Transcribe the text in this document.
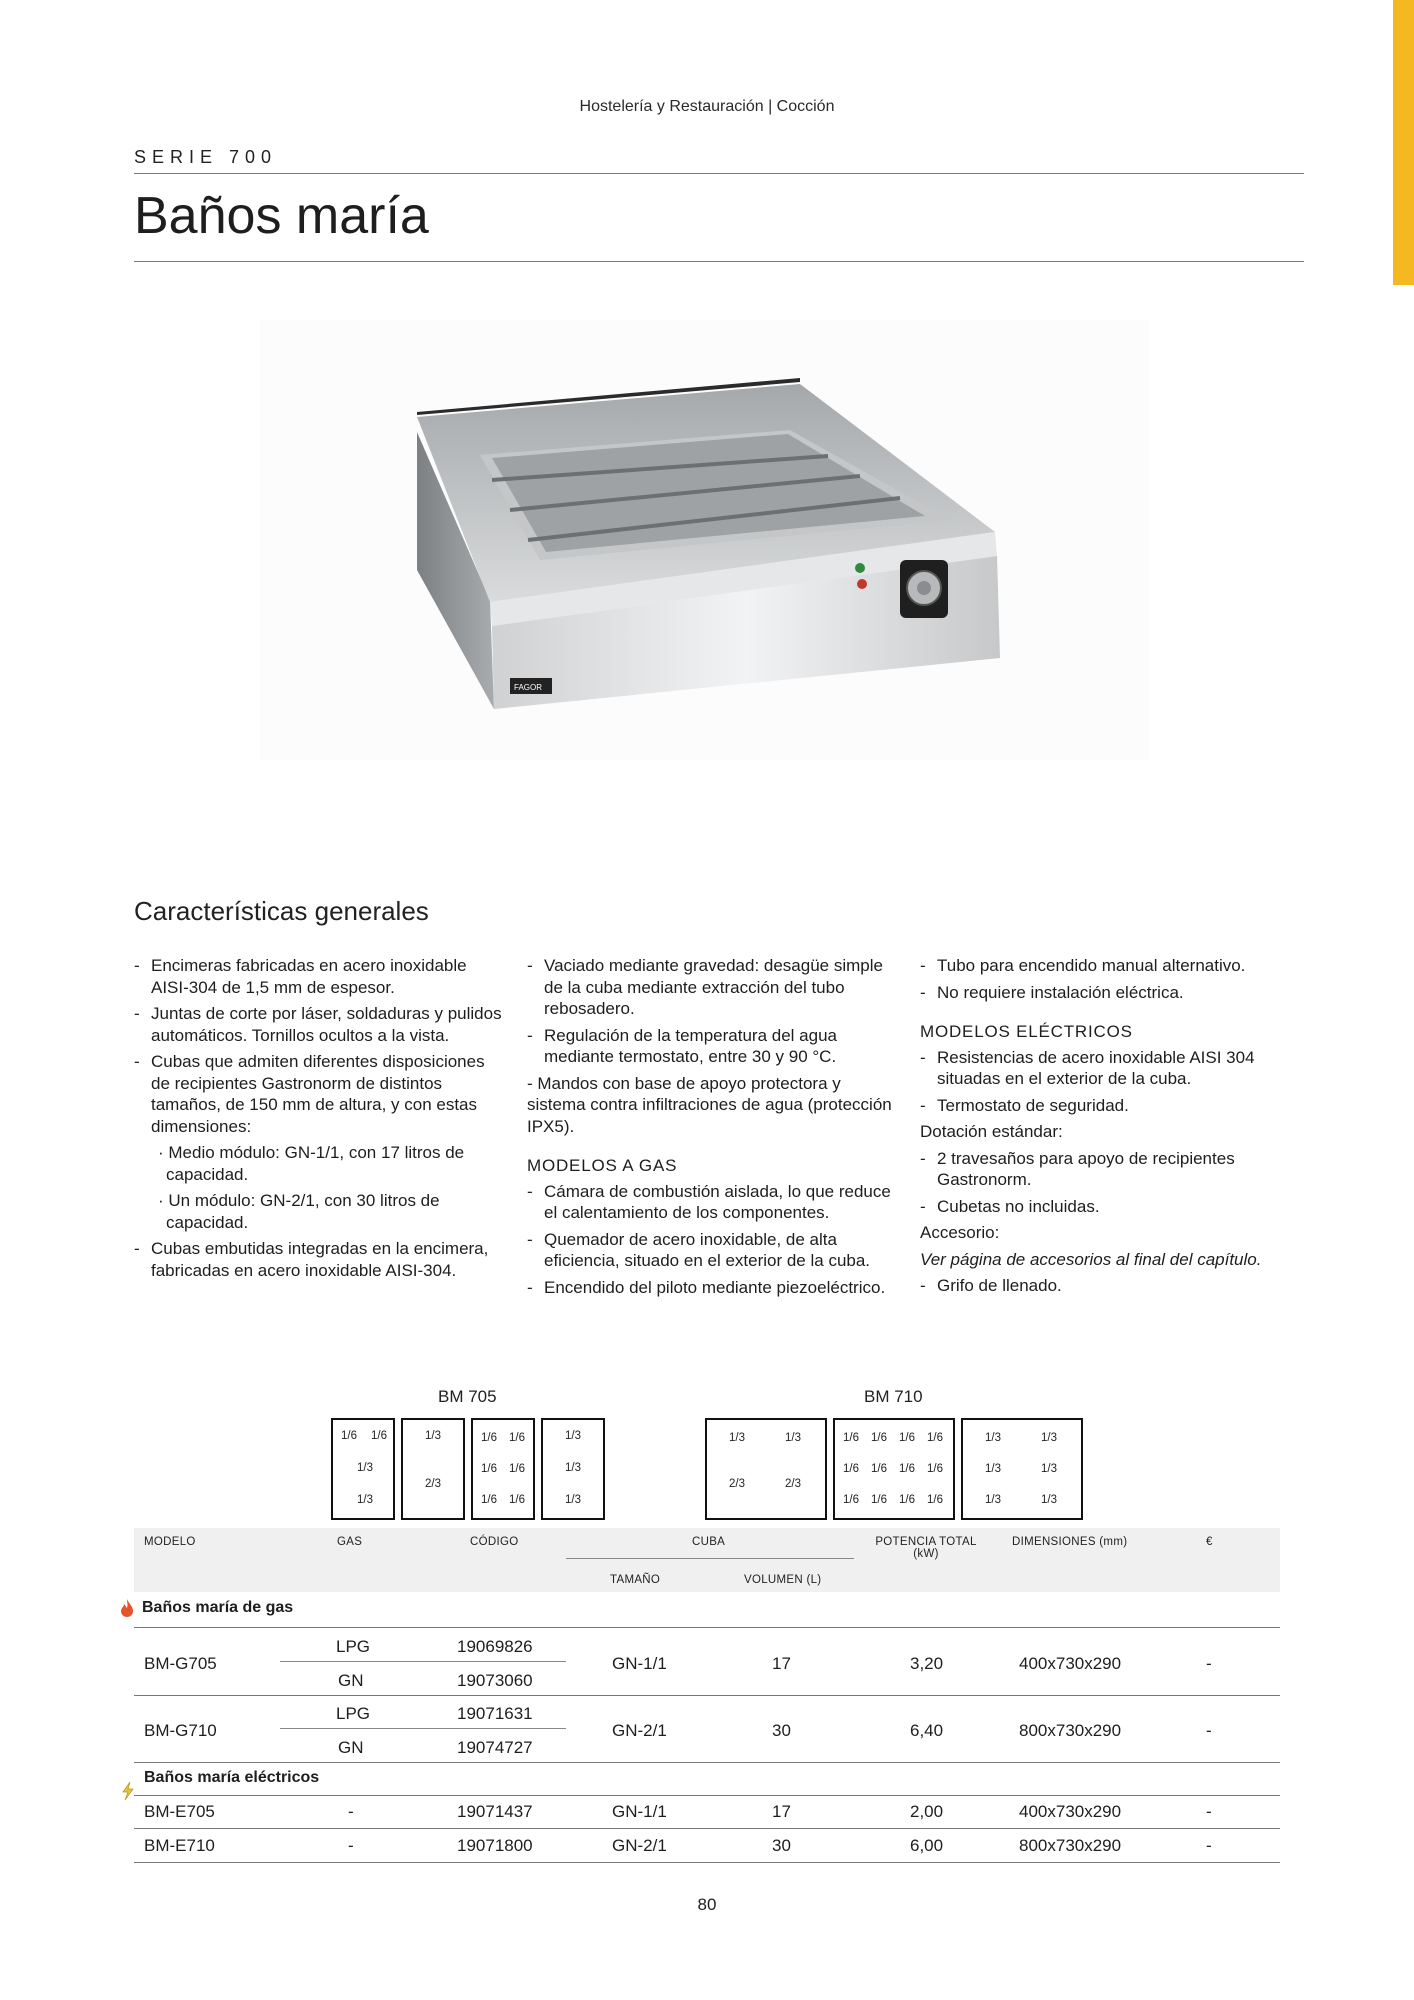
Hostelería y Restauración | Cocción
SERIE 700
Baños maría
FAGOR
Características generales

- Encimeras fabricadas en acero inoxidable AISI-304 de 1,5 mm de espesor.

- Juntas de corte por láser, soldaduras y pulidos automáticos. Tornillos ocultos a la vista.

- Cubas que admiten diferentes disposiciones de recipientes Gastronorm de distintos tamaños, de 150 mm de altura, y con estas dimensiones:

· Medio módulo: GN-1/1, con 17 litros de capacidad.

· Un módulo: GN-2/1, con 30 litros de capacidad.

- Cubas embutidas integradas en la encimera, fabricadas en acero inoxidable AISI-304.

- Vaciado mediante gravedad: desagüe simple de la cuba mediante extracción del tubo rebosadero.

- Regulación de la temperatura del agua mediante termostato, entre 30 y 90 °C.

- Mandos con base de apoyo protectora y sistema contra infiltraciones de agua (protección IPX5).

MODELOS A GAS

- Cámara de combustión aislada, lo que reduce el calentamiento de los componentes.

- Quemador de acero inoxidable, de alta eficiencia, situado en el exterior de la cuba.

- Encendido del piloto mediante piezoeléctrico.

- Tubo para encendido manual alternativo.

- No requiere instalación eléctrica.

MODELOS ELÉCTRICOS

- Resistencias de acero inoxidable AISI 304 situadas en el exterior de la cuba.

- Termostato de seguridad.

Dotación estándar:

- 2 travesaños para apoyo de recipientes Gastronorm.

- Cubetas no incluidas.

Accesorio:

Ver página de accesorios al final del capítulo.

- Grifo de llenado.

BM 705	BM 710
1/6 1/6
1/3
1/3
1/3
2/3
1/6 1/6
1/6 1/6
1/6 1/6
1/3
1/3
1/3
1/3	1/3
2/3	2/3
1/6 1/6 1/6 1/6
1/6 1/6 1/6 1/6
1/6 1/6 1/6 1/6
1/3	1/3
1/3	1/3
1/3	1/3
MODELO	GAS	CÓDIGO	CUBA
TAMAÑO	VOLUMEN (L)
POTENCIA TOTAL
(kW)
DIMENSIONES (mm)	€
Baños maría de gas
BM-G705
LPG	19069826
GN	19073060
GN-1/1	17	3,20	400x730x290	-
BM-G710
LPG	19071631
GN	19074727
GN-2/1	30	6,40	800x730x290	-
Baños maría eléctricos
BM-E705	-	19071437	GN-1/1	17	2,00	400x730x290	-
BM-E710	-	19071800	GN-2/1	30	6,00	800x730x290	-
80
